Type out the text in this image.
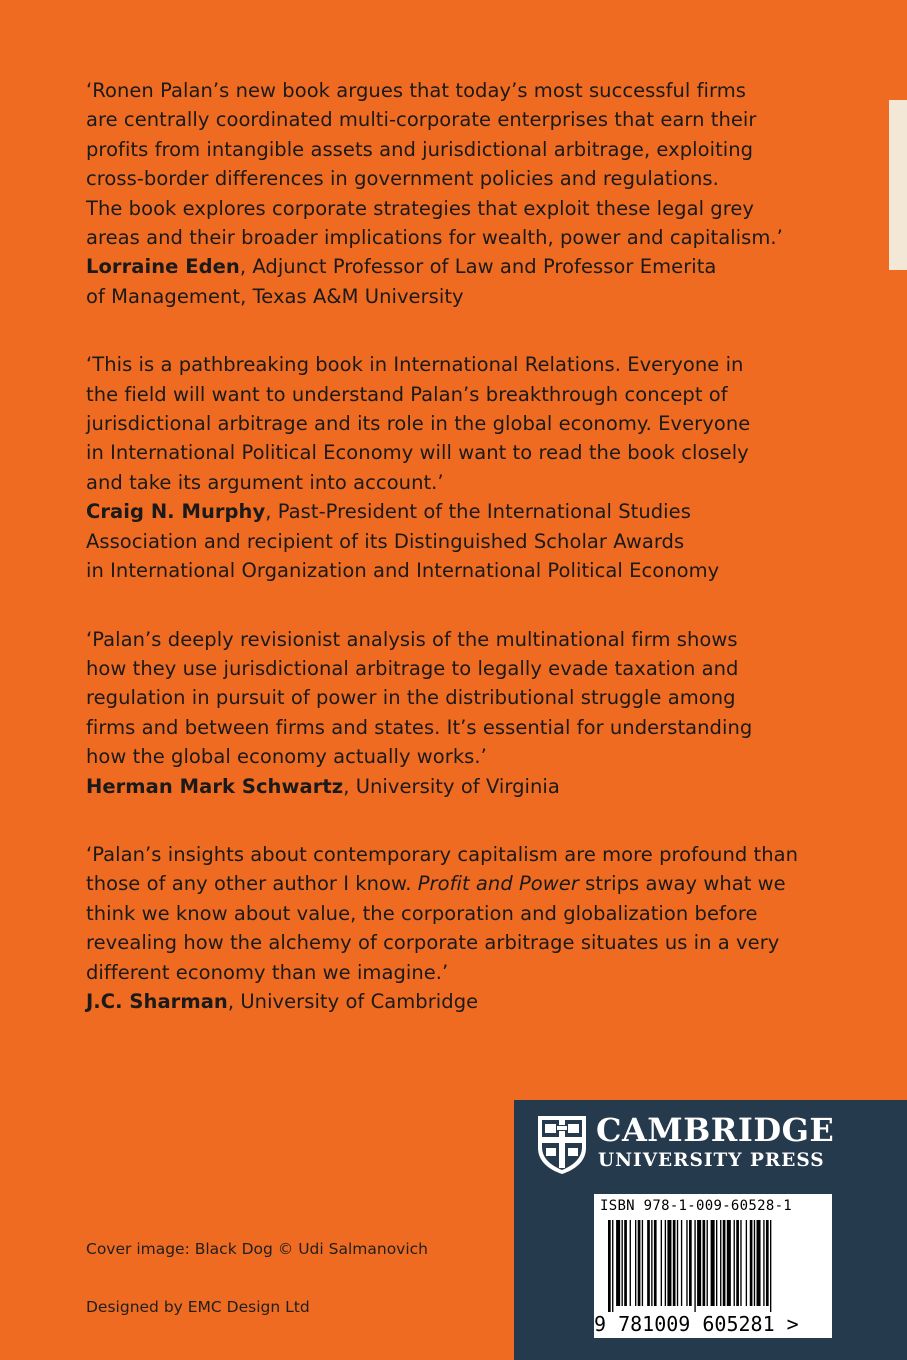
‘Ronen Palan’s new book argues that today’s most successful firms
are centrally coordinated multi-corporate enterprises that earn their
profits from intangible assets and jurisdictional arbitrage, exploiting
cross-border differences in government policies and regulations.
The book explores corporate strategies that exploit these legal grey
areas and their broader implications for wealth, power and capitalism.’

Lorraine Eden, Adjunct Professor of Law and Professor Emerita
of Management, Texas A&M University

‘This is a pathbreaking book in International Relations. Everyone in
the field will want to understand Palan’s breakthrough concept of
jurisdictional arbitrage and its role in the global economy. Everyone
in International Political Economy will want to read the book closely
and take its argument into account.’

Craig N. Murphy, Past-President of the International Studies
Association and recipient of its Distinguished Scholar Awards
in International Organization and International Political Economy

‘Palan’s deeply revisionist analysis of the multinational firm shows
how they use jurisdictional arbitrage to legally evade taxation and
regulation in pursuit of power in the distributional struggle among
firms and between firms and states. It’s essential for understanding
how the global economy actually works.’

Herman Mark Schwartz, University of Virginia

‘Palan’s insights about contemporary capitalism are more profound than
those of any other author I know. Profit and Power strips away what we
think we know about value, the corporation and globalization before
revealing how the alchemy of corporate arbitrage situates us in a very
different economy than we imagine.’

J.C. Sharman, University of Cambridge

Cover image: Black Dog © Udi Salmanovich
Designed by EMC Design Ltd
CAMBRIDGE
UNIVERSITY PRESS
ISBN 978-1-009-60528-1
9 781009 605281 >
